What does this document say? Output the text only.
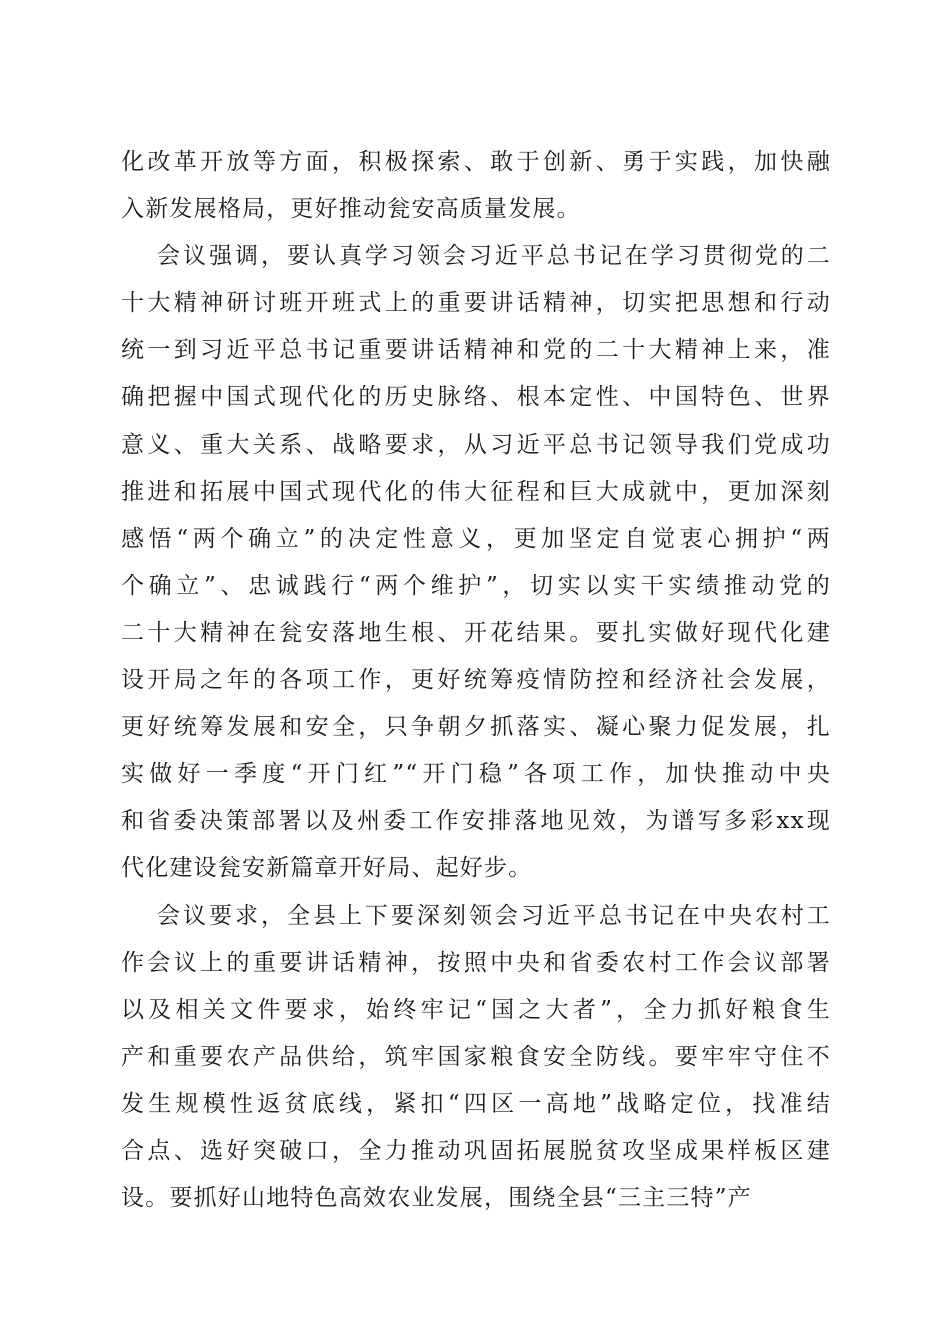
化改革开放等方面，积极探索、敢于创新、勇于实践，加快融
入新发展格局，更好推动瓮安高质量发展。
会议强调，要认真学习领会习近平总书记在学习贯彻党的二
十大精神研讨班开班式上的重要讲话精神，切实把思想和行动
统一到习近平总书记重要讲话精神和党的二十大精神上来，准
确把握中国式现代化的历史脉络、根本定性、中国特色、世界
意义、重大关系、战略要求，从习近平总书记领导我们党成功
推进和拓展中国式现代化的伟大征程和巨大成就中，更加深刻
感悟“两个确立”的决定性意义，更加坚定自觉衷心拥护“两
个确立”、忠诚践行“两个维护”，切实以实干实绩推动党的
二十大精神在瓮安落地生根、开花结果。要扎实做好现代化建
设开局之年的各项工作，更好统筹疫情防控和经济社会发展，
更好统筹发展和安全，只争朝夕抓落实、凝心聚力促发展，扎
实做好一季度“开门红”“开门稳”各项工作，加快推动中央
和省委决策部署以及州委工作安排落地见效，为谱写多彩xx现
代化建设瓮安新篇章开好局、起好步。
会议要求，全县上下要深刻领会习近平总书记在中央农村工
作会议上的重要讲话精神，按照中央和省委农村工作会议部署
以及相关文件要求，始终牢记“国之大者”，全力抓好粮食生
产和重要农产品供给，筑牢国家粮食安全防线。要牢牢守住不
发生规模性返贫底线，紧扣“四区一高地”战略定位，找准结
合点、选好突破口，全力推动巩固拓展脱贫攻坚成果样板区建
设。要抓好山地特色高效农业发展，围绕全县“三主三特”产
